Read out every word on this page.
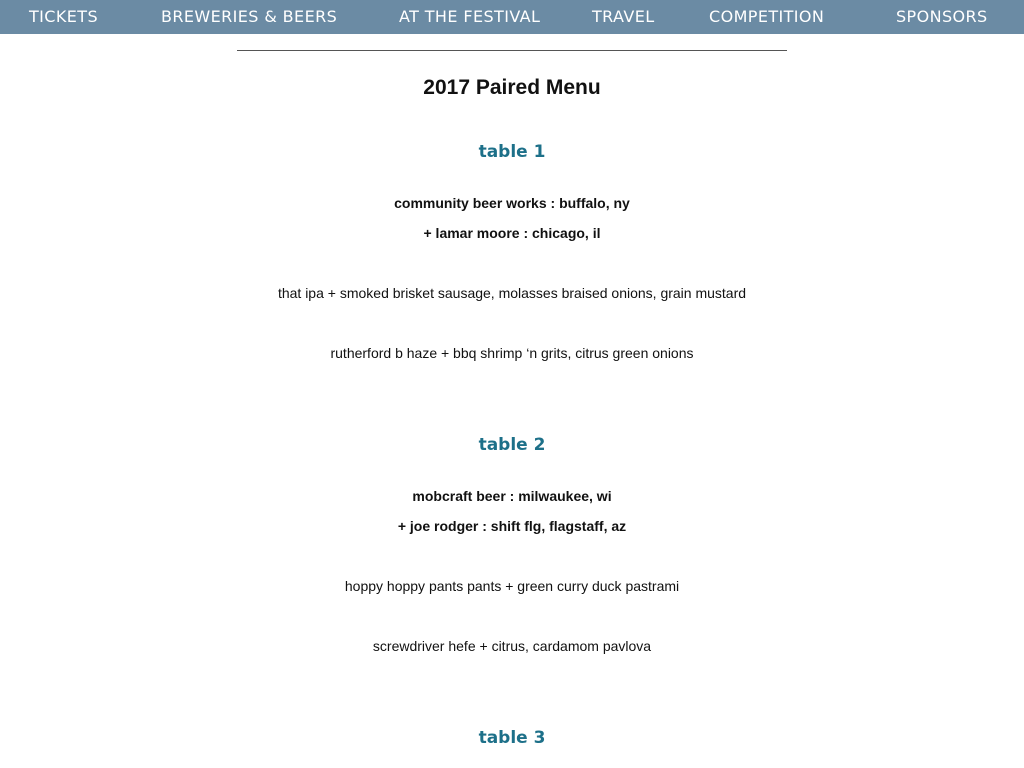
TICKETS	BREWERIES & BEERS	AT THE FESTIVAL	TRAVEL	COMPETITION	SPONSORS
2017 Paired Menu
table 1
community beer works : buffalo, ny
+ lamar moore : chicago, il
that ipa + smoked brisket sausage, molasses braised onions, grain mustard
rutherford b haze + bbq shrimp ‘n grits, citrus green onions
table 2
mobcraft beer : milwaukee, wi
+ joe rodger : shift flg, flagstaff, az
hoppy hoppy pants pants + green curry duck pastrami
screwdriver hefe + citrus, cardamom pavlova
table 3
